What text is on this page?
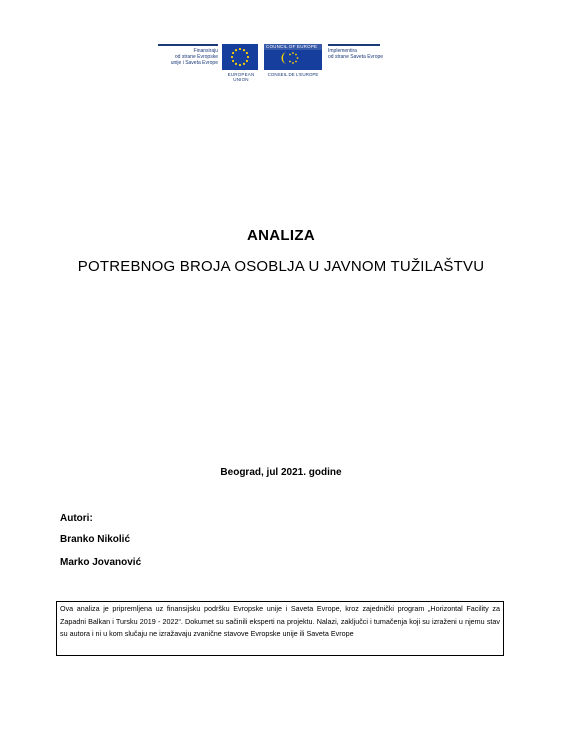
Finansiraju
od strane Evropske
unije i Saveta Evrope
EUROPEAN UNION
COUNCIL OF EUROPE
CONSEIL DE L'EUROPE
Implementira
od strane Saveta Evrope
ANALIZA
POTREBNOG BROJA OSOBLJA U JAVNOM TUŽILAŠTVU
Beograd, jul 2021. godine
Autori:
Branko Nikolić
Marko Jovanović
Ova analiza je pripremljena uz finansijsku podršku Evropske unije i Saveta Evrope, kroz zajednički program „Horizontal Facility za Zapadni Balkan i Tursku 2019 - 2022“. Dokumet su sačinili eksperti na projektu. Nalazi, zaključci i tumačenja koji su izraženi u njemu stav su autora i ni u kom slučaju ne izražavaju zvanične stavove Evropske unije ili Saveta Evrope
